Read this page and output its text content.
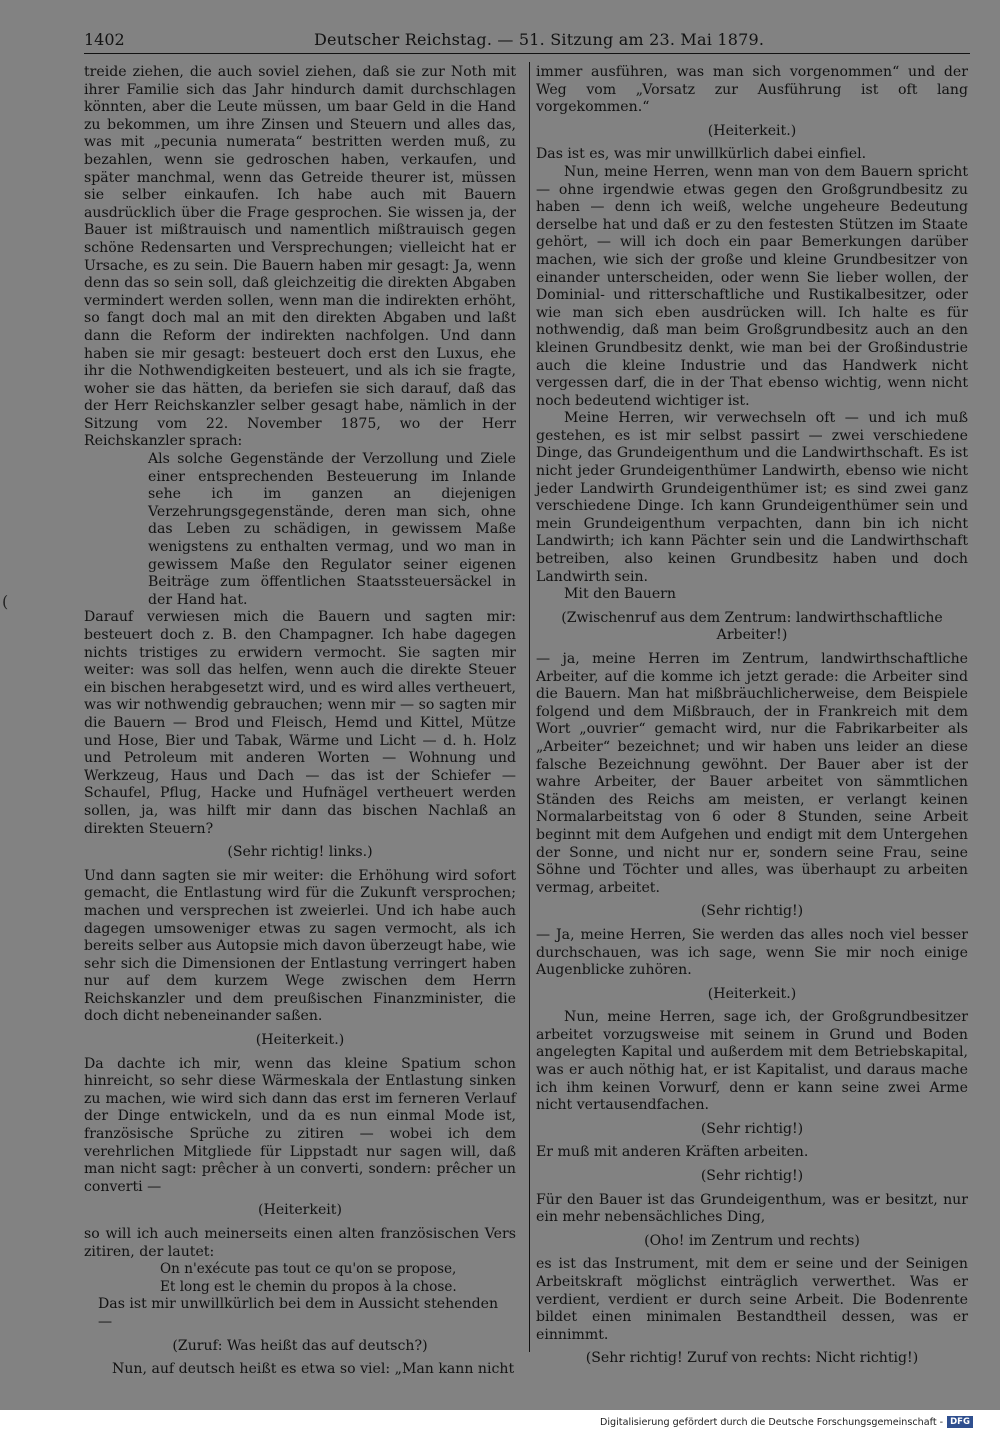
1402	Deutscher Reichstag. — 51. Sitzung am 23. Mai 1879.
(

treide ziehen, die auch soviel ziehen, daß sie zur Noth mit ihrer Familie sich das Jahr hindurch damit durchschlagen könnten, aber die Leute müssen, um baar Geld in die Hand zu bekommen, um ihre Zinsen und Steuern und alles das, was mit „pecunia numerata“ bestritten werden muß, zu bezahlen, wenn sie gedroschen haben, verkaufen, und später manchmal, wenn das Getreide theurer ist, müssen sie selber einkaufen. Ich habe auch mit Bauern ausdrücklich über die Frage gesprochen. Sie wissen ja, der Bauer ist mißtrauisch und namentlich mißtrauisch gegen schöne Redensarten und Versprechungen; vielleicht hat er Ursache, es zu sein. Die Bauern haben mir gesagt: Ja, wenn denn das so sein soll, daß gleichzeitig die direkten Abgaben vermindert werden sollen, wenn man die indirekten erhöht, so fangt doch mal an mit den direkten Abgaben und laßt dann die Reform der indirekten nachfolgen. Und dann haben sie mir gesagt: besteuert doch erst den Luxus, ehe ihr die Nothwendigkeiten besteuert, und als ich sie fragte, woher sie das hätten, da beriefen sie sich darauf, daß das der Herr Reichskanzler selber gesagt habe, nämlich in der Sitzung vom 22. November 1875, wo der Herr Reichskanzler sprach:

Als solche Gegenstände der Verzollung und Ziele einer entsprechenden Besteuerung im Inlande sehe ich im ganzen an diejenigen Verzehrungsgegenstände, deren man sich, ohne das Leben zu schädigen, in gewissem Maße wenigstens zu enthalten vermag, und wo man in gewissem Maße den Regulator seiner eigenen Beiträge zum öffentlichen Staatssteuersäckel in der Hand hat.

Darauf verwiesen mich die Bauern und sagten mir: besteuert doch z. B. den Champagner. Ich habe dagegen nichts tristiges zu erwidern vermocht. Sie sagten mir weiter: was soll das helfen, wenn auch die direkte Steuer ein bischen herabgesetzt wird, und es wird alles vertheuert, was wir nothwendig gebrauchen; wenn mir — so sagten mir die Bauern — Brod und Fleisch, Hemd und Kittel, Mütze und Hose, Bier und Tabak, Wärme und Licht — d. h. Holz und Petroleum mit anderen Worten — Wohnung und Werkzeug, Haus und Dach — das ist der Schiefer — Schaufel, Pflug, Hacke und Hufnägel vertheuert werden sollen, ja, was hilft mir dann das bischen Nachlaß an direkten Steuern?

(Sehr richtig! links.)

Und dann sagten sie mir weiter: die Erhöhung wird sofort gemacht, die Entlastung wird für die Zukunft versprochen; machen und versprechen ist zweierlei. Und ich habe auch dagegen umsoweniger etwas zu sagen vermocht, als ich bereits selber aus Autopsie mich davon überzeugt habe, wie sehr sich die Dimensionen der Entlastung verringert haben nur auf dem kurzem Wege zwischen dem Herrn Reichskanzler und dem preußischen Finanzminister, die doch dicht nebeneinander saßen.

(Heiterkeit.)

Da dachte ich mir, wenn das kleine Spatium schon hinreicht, so sehr diese Wärmeskala der Entlastung sinken zu machen, wie wird sich dann das erst im ferneren Verlauf der Dinge entwickeln, und da es nun einmal Mode ist, französische Sprüche zu zitiren — wobei ich dem verehrlichen Mitgliede für Lippstadt nur sagen will, daß man nicht sagt: prêcher à un converti, sondern: prêcher un converti —

(Heiterkeit)

so will ich auch meinerseits einen alten französischen Vers zitiren, der lautet:

On n'exécute pas tout ce qu'on se propose,

Et long est le chemin du propos à la chose.

Das ist mir unwillkürlich bei dem in Aussicht stehenden —

(Zuruf: Was heißt das auf deutsch?)

Nun, auf deutsch heißt es etwa so viel: „Man kann nicht

immer ausführen, was man sich vorgenommen“ und der Weg vom „Vorsatz zur Ausführung ist oft lang vorgekommen.“

(Heiterkeit.)

Das ist es, was mir unwillkürlich dabei einfiel.

Nun, meine Herren, wenn man von dem Bauern spricht — ohne irgendwie etwas gegen den Großgrundbesitz zu haben — denn ich weiß, welche ungeheure Bedeutung derselbe hat und daß er zu den festesten Stützen im Staate gehört, — will ich doch ein paar Bemerkungen darüber machen, wie sich der große und kleine Grundbesitzer von einander unterscheiden, oder wenn Sie lieber wollen, der Dominial- und ritterschaftliche und Rustikalbesitzer, oder wie man sich eben ausdrücken will. Ich halte es für nothwendig, daß man beim Großgrundbesitz auch an den kleinen Grundbesitz denkt, wie man bei der Großindustrie auch die kleine Industrie und das Handwerk nicht vergessen darf, die in der That ebenso wichtig, wenn nicht noch bedeutend wichtiger ist.

Meine Herren, wir verwechseln oft — und ich muß gestehen, es ist mir selbst passirt — zwei verschiedene Dinge, das Grundeigenthum und die Landwirthschaft. Es ist nicht jeder Grundeigenthümer Landwirth, ebenso wie nicht jeder Landwirth Grundeigenthümer ist; es sind zwei ganz verschiedene Dinge. Ich kann Grundeigenthümer sein und mein Grundeigenthum verpachten, dann bin ich nicht Landwirth; ich kann Pächter sein und die Landwirthschaft betreiben, also keinen Grundbesitz haben und doch Landwirth sein.

Mit den Bauern

(Zwischenruf aus dem Zentrum: landwirthschaftliche Arbeiter!)

— ja, meine Herren im Zentrum, landwirthschaftliche Arbeiter, auf die komme ich jetzt gerade: die Arbeiter sind die Bauern. Man hat mißbräuchlicherweise, dem Beispiele folgend und dem Mißbrauch, der in Frankreich mit dem Wort „ouvrier“ gemacht wird, nur die Fabrikarbeiter als „Arbeiter“ bezeichnet; und wir haben uns leider an diese falsche Bezeichnung gewöhnt. Der Bauer aber ist der wahre Arbeiter, der Bauer arbeitet von sämmtlichen Ständen des Reichs am meisten, er verlangt keinen Normalarbeitstag von 6 oder 8 Stunden, seine Arbeit beginnt mit dem Aufgehen und endigt mit dem Untergehen der Sonne, und nicht nur er, sondern seine Frau, seine Söhne und Töchter und alles, was überhaupt zu arbeiten vermag, arbeitet.

(Sehr richtig!)

— Ja, meine Herren, Sie werden das alles noch viel besser durchschauen, was ich sage, wenn Sie mir noch einige Augenblicke zuhören.

(Heiterkeit.)

Nun, meine Herren, sage ich, der Großgrundbesitzer arbeitet vorzugsweise mit seinem in Grund und Boden angelegten Kapital und außerdem mit dem Betriebskapital, was er auch nöthig hat, er ist Kapitalist, und daraus mache ich ihm keinen Vorwurf, denn er kann seine zwei Arme nicht vertausendfachen.

(Sehr richtig!)

Er muß mit anderen Kräften arbeiten.

(Sehr richtig!)

Für den Bauer ist das Grundeigenthum, was er besitzt, nur ein mehr nebensächliches Ding,

(Oho! im Zentrum und rechts)

es ist das Instrument, mit dem er seine und der Seinigen Arbeitskraft möglichst einträglich verwerthet. Was er verdient, verdient er durch seine Arbeit. Die Bodenrente bildet einen minimalen Bestandtheil dessen, was er einnimmt.

(Sehr richtig! Zuruf von rechts: Nicht richtig!)

Digitalisierung gefördert durch die Deutsche Forschungsgemeinschaft - DFG
